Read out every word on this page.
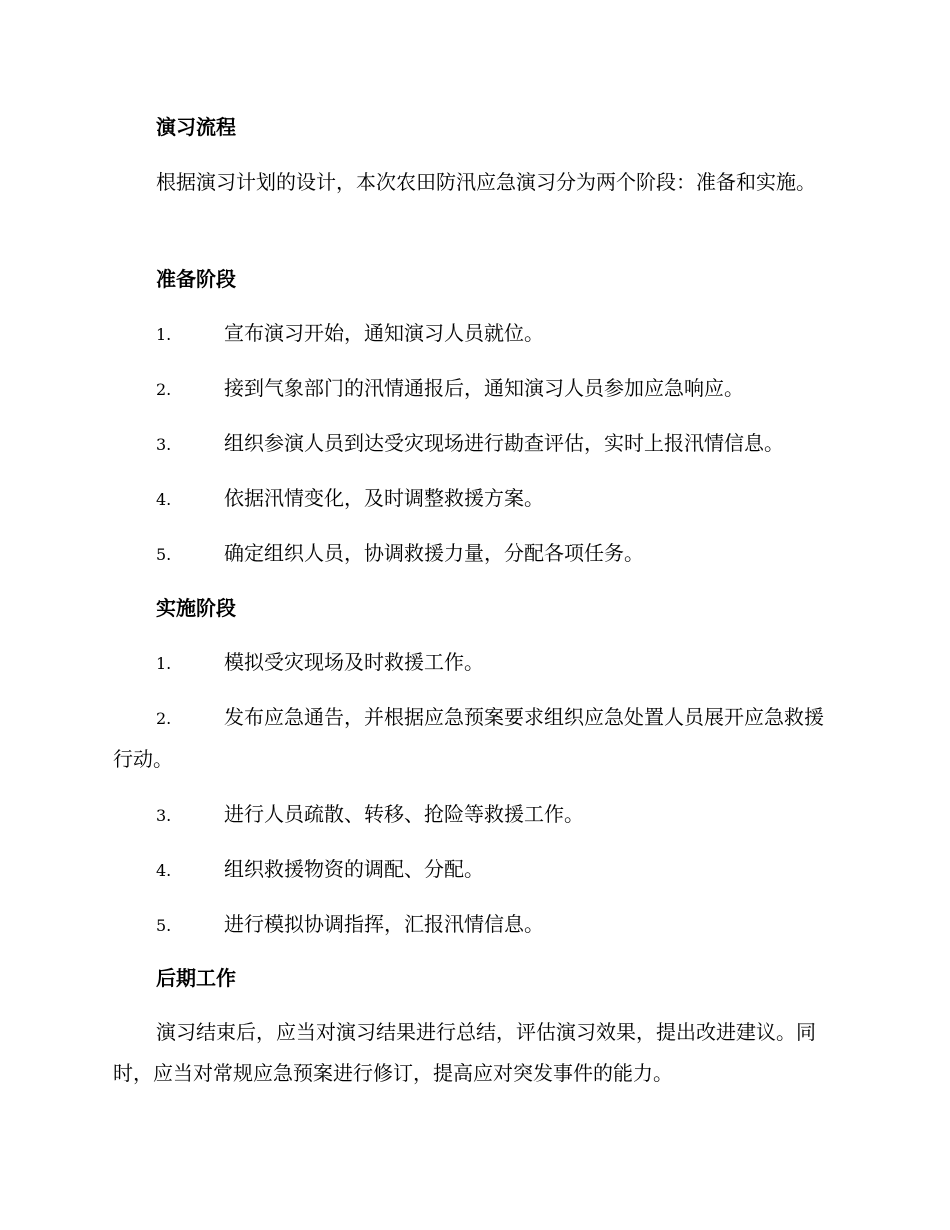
演习流程

根据演习计划的设计，本次农田防汛应急演习分为两个阶段：准备和实施。

准备阶段
1.	宣布演习开始，通知演习人员就位。
2.	接到气象部门的汛情通报后，通知演习人员参加应急响应。
3.	组织参演人员到达受灾现场进行勘查评估，实时上报汛情信息。
4.	依据汛情变化，及时调整救援方案。
5.	确定组织人员，协调救援力量，分配各项任务。
实施阶段
1.	模拟受灾现场及时救援工作。

2.	发布应急通告，并根据应急预案要求组织应急处置人员展开应急救援行动。

3.	进行人员疏散、转移、抢险等救援工作。
4.	组织救援物资的调配、分配。
5.	进行模拟协调指挥，汇报汛情信息。
后期工作

演习结束后，应当对演习结果进行总结，评估演习效果，提出改进建议。同时，应当对常规应急预案进行修订，提高应对突发事件的能力。
